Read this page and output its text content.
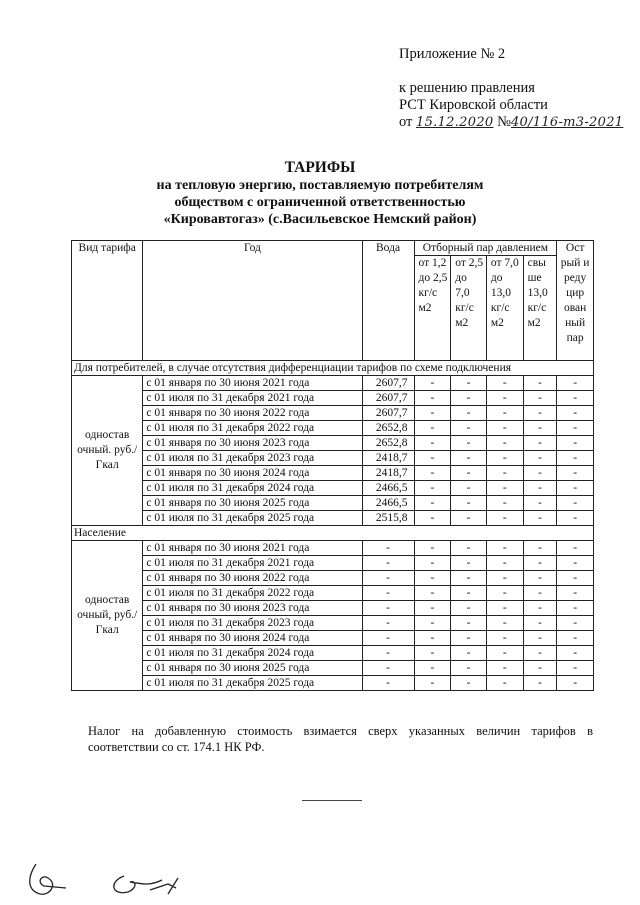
Приложение № 2
к решению правления
РСТ Кировской области
от 15.12.2020 №40/116-т3-2021
ТАРИФЫ
на тепловую энергию, поставляемую потребителям
обществом с ограниченной ответственностью
«Кировавтогаз» (с.Васильевское Немский район)
Вид тарифа	Год	Вода	Отборный пар давлением				Ост рый и реду цир ован ный пар
			от 1,2 до 2,5 кг/с м2	от 2,5 до 7,0 кг/с м2	от 7,0 до 13,0 кг/с м2	свы ше 13,0 кг/с м2	
Для потребителей, в случае отсутствия дифференциации тарифов по схеме подключения							
одностав очный. руб./Гкал	с 01 января по 30 июня 2021 года	2607,7	-	-	-	-	-
	с 01 июля по 31 декабря 2021 года	2607,7	-	-	-	-	-
	с 01 января по 30 июня 2022 года	2607,7	-	-	-	-	-
	с 01 июля по 31 декабря 2022 года	2652,8	-	-	-	-	-
	с 01 января по 30 июня 2023 года	2652,8	-	-	-	-	-
	с 01 июля по 31 декабря 2023 года	2418,7	-	-	-	-	-
	с 01 января по 30 июня 2024 года	2418,7	-	-	-	-	-
	с 01 июля по 31 декабря 2024 года	2466,5	-	-	-	-	-
	с 01 января по 30 июня 2025 года	2466,5	-	-	-	-	-
	с 01 июля по 31 декабря 2025 года	2515,8	-	-	-	-	-
Население							
одностав очный, руб./Гкал	с 01 января по 30 июня 2021 года	-	-	-	-	-	-
	с 01 июля по 31 декабря 2021 года	-	-	-	-	-	-
	с 01 января по 30 июня 2022 года	-	-	-	-	-	-
	с 01 июля по 31 декабря 2022 года	-	-	-	-	-	-
	с 01 января по 30 июня 2023 года	-	-	-	-	-	-
	с 01 июля по 31 декабря 2023 года	-	-	-	-	-	-
	с 01 января по 30 июня 2024 года	-	-	-	-	-	-
	с 01 июля по 31 декабря 2024 года	-	-	-	-	-	-
	с 01 января по 30 июня 2025 года	-	-	-	-	-	-
	с 01 июля по 31 декабря 2025 года	-	-	-	-	-	-
Налог на добавленную стоимость взимается сверх указанных величин тарифов в соответствии со ст. 174.1 НК РФ.
